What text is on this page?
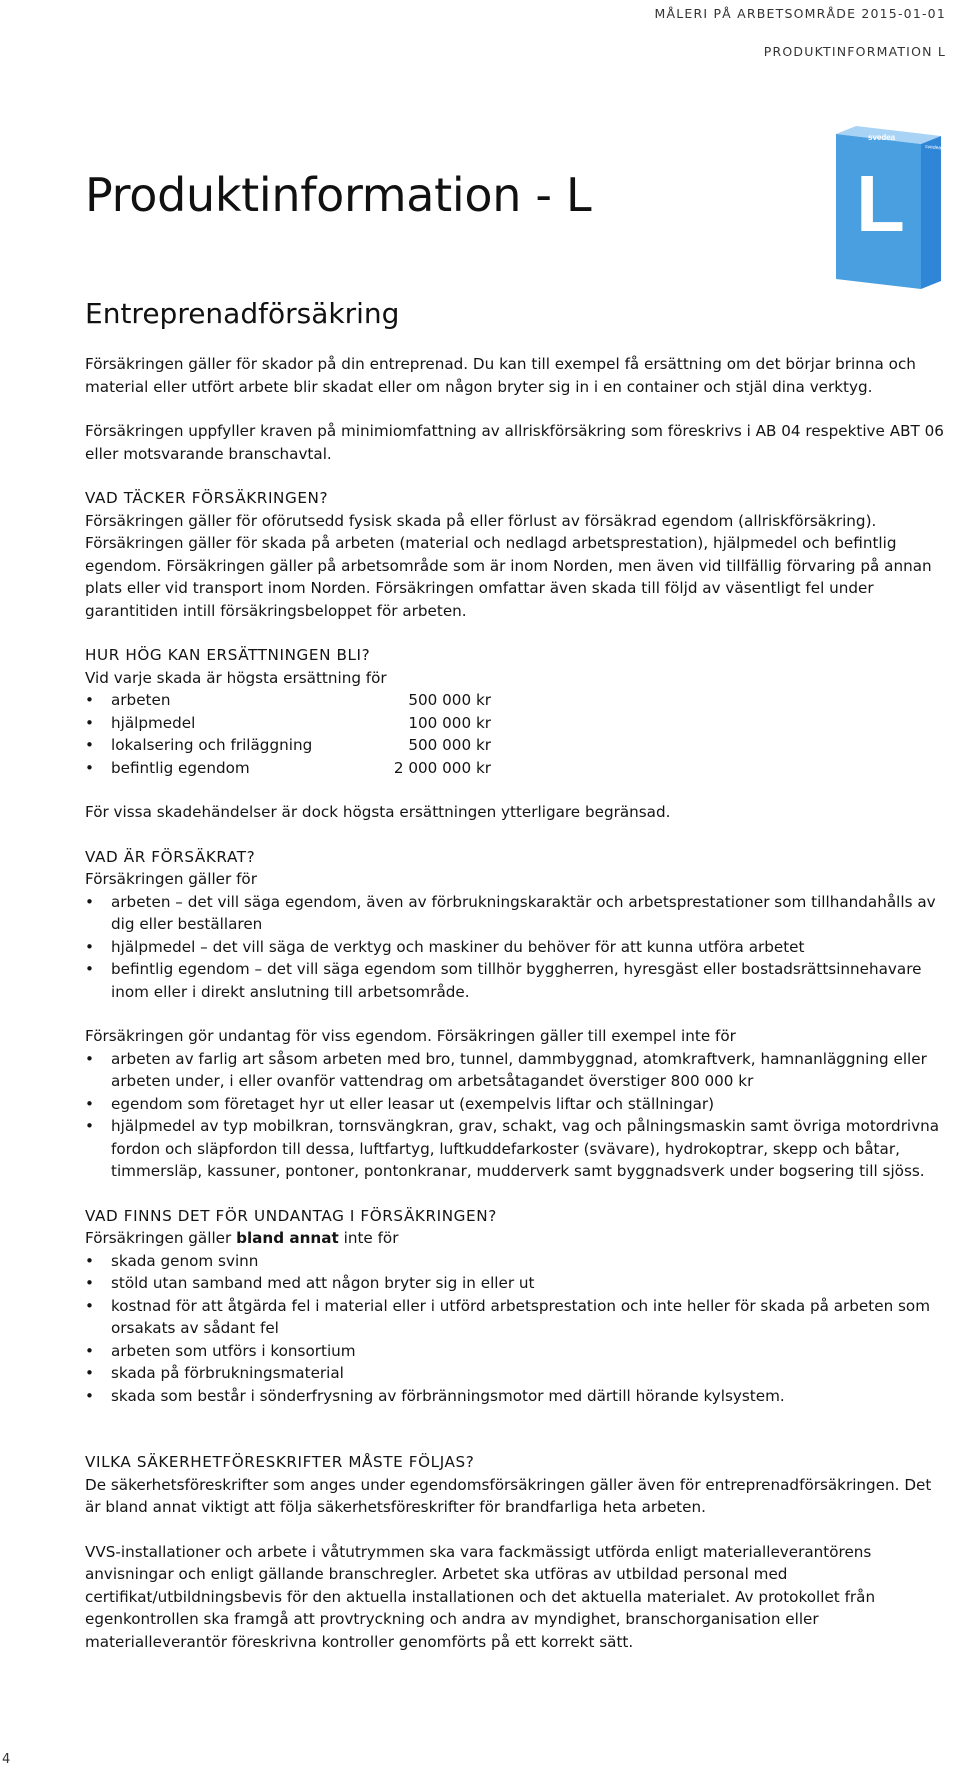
MÅLERI PÅ ARBETSOMRÅDE 2015-01-01
PRODUKTINFORMATION L
svedea
svedea
L
Produktinformation - L
Entreprenadförsäkring

Försäkringen gäller för skador på din entreprenad. Du kan till exempel få ersättning om det börjar brinna och material eller utfört arbete blir skadat eller om någon bryter sig in i en container och stjäl dina verktyg.

Försäkringen uppfyller kraven på minimiomfattning av allriskförsäkring som föreskrivs i AB 04 respektive ABT 06 eller motsvarande branschavtal.

VAD TÄCKER FÖRSÄKRINGEN?

Försäkringen gäller för oförutsedd fysisk skada på eller förlust av försäkrad egendom (allriskförsäkring). Försäkringen gäller för skada på arbeten (material och nedlagd arbetsprestation), hjälpmedel och befintlig egendom. Försäkringen gäller på arbetsområde som är inom Norden, men även vid tillfällig förvaring på annan plats eller vid transport inom Norden. Försäkringen omfattar även skada till följd av väsentligt fel under garantitiden intill försäkringsbeloppet för arbeten.

HUR HÖG KAN ERSÄTTNINGEN BLI?

Vid varje skada är högsta ersättning för

• arbeten	500 000 kr
• hjälpmedel	100 000 kr
• lokalsering och friläggning	500 000 kr
• befintlig egendom	2 000 000 kr

För vissa skadehändelser är dock högsta ersättningen ytterligare begränsad.

VAD ÄR FÖRSÄKRAT?

Försäkringen gäller för

• arbeten – det vill säga egendom, även av förbrukningskaraktär och arbetsprestationer som tillhandahålls av dig eller beställaren
• hjälpmedel – det vill säga de verktyg och maskiner du behöver för att kunna utföra arbetet
• befintlig egendom – det vill säga egendom som tillhör byggherren, hyresgäst eller bostadsrättsinnehavare inom eller i direkt anslutning till arbetsområde.

Försäkringen gör undantag för viss egendom. Försäkringen gäller till exempel inte för

• arbeten av farlig art såsom arbeten med bro, tunnel, dammbyggnad, atomkraftverk, hamnanläggning eller arbeten under, i eller ovanför vattendrag om arbetsåtagandet överstiger 800 000 kr
• egendom som företaget hyr ut eller leasar ut (exempelvis liftar och ställningar)
• hjälpmedel av typ mobilkran, tornsvängkran, grav, schakt, vag och pålningsmaskin samt övriga motordrivna fordon och släpfordon till dessa, luftfartyg, luftkuddefarkoster (svävare), hydrokoptrar, skepp och båtar, timmersläp, kassuner, pontoner, pontonkranar, mudderverk samt byggnadsverk under bogsering till sjöss.

VAD FINNS DET FÖR UNDANTAG I FÖRSÄKRINGEN?

Försäkringen gäller bland annat inte för

• skada genom svinn
• stöld utan samband med att någon bryter sig in eller ut
• kostnad för att åtgärda fel i material eller i utförd arbetsprestation och inte heller för skada på arbeten som orsakats av sådant fel
• arbeten som utförs i konsortium
• skada på förbrukningsmaterial
• skada som består i sönderfrysning av förbränningsmotor med därtill hörande kylsystem.

VILKA SÄKERHETFÖRESKRIFTER MÅSTE FÖLJAS?

De säkerhetsföreskrifter som anges under egendomsförsäkringen gäller även för entreprenadförsäkringen. Det är bland annat viktigt att följa säkerhetsföreskrifter för brandfarliga heta arbeten.

VVS-installationer och arbete i våtutrymmen ska vara fackmässigt utförda enligt materialleverantörens anvisningar och enligt gällande branschregler. Arbetet ska utföras av utbildad personal med certifikat/utbildningsbevis för den aktuella installationen och det aktuella materialet. Av protokollet från egenkontrollen ska framgå att provtryckning och andra av myndighet, branschorganisation eller materialleverantör föreskrivna kontroller genomförts på ett korrekt sätt.

4
